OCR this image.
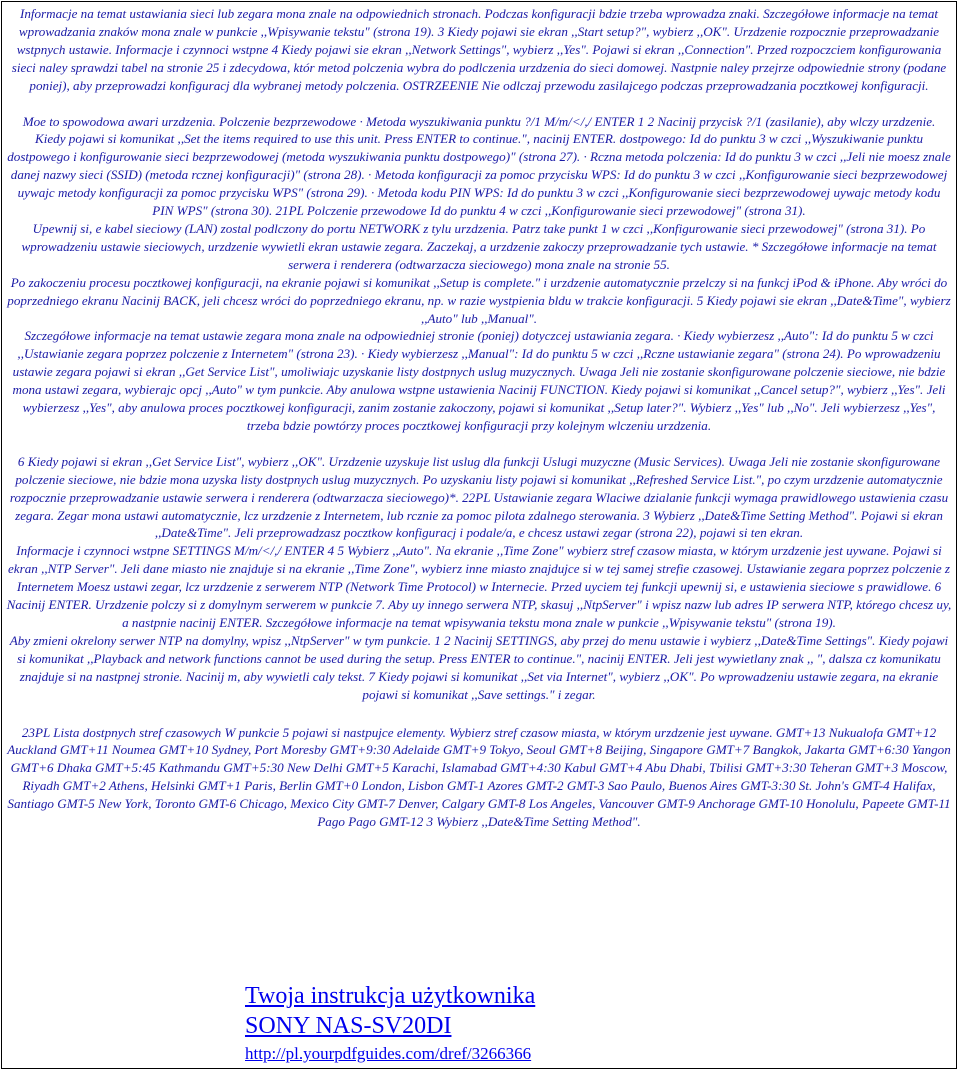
Informacje na temat ustawiania sieci lub zegara mona znale na odpowiednich stronach. Podczas konfiguracji bdzie trzeba wprowadza znaki. Szczegółowe informacje na temat wprowadzania znaków mona znale w punkcie ,,Wpisywanie tekstu" (strona 19). 3 Kiedy pojawi sie ekran ,,Start setup?", wybierz ,,OK". Urzdzenie rozpocznie przeprowadzanie wstpnych ustawie. Informacje i czynnoci wstpne 4 Kiedy pojawi sie ekran ,,Network Settings", wybierz ,,Yes". Pojawi si ekran ,,Connection". Przed rozpoczciem konfigurowania sieci naley sprawdzi tabel na stronie 25 i zdecydowa, któr metod polczenia wybra do podlczenia urzdzenia do sieci domowej. Nastpnie naley przejrze odpowiednie strony (podane poniej), aby przeprowadzi konfiguracj dla wybranej metody polczenia. OSTRZEENIE Nie odlczaj przewodu zasilajcego podczas przeprowadzania pocztkowej konfiguracji.

Moe to spowodowa awari urzdzenia. Polczenie bezprzewodowe · Metoda wyszukiwania punktu ?/1 M/m/</,/ ENTER 1 2 Nacinij przycisk ?/1 (zasilanie), aby wlczy urzdzenie. Kiedy pojawi si komunikat ,,Set the items required to use this unit. Press ENTER to continue.", nacinij ENTER. dostpowego: Id do punktu 3 w czci ,,Wyszukiwanie punktu dostpowego i konfigurowanie sieci bezprzewodowej (metoda wyszukiwania punktu dostpowego)" (strona 27). · Rczna metoda polczenia: Id do punktu 3 w czci ,,Jeli nie moesz znale danej nazwy sieci (SSID) (metoda rcznej konfiguracji)" (strona 28). · Metoda konfiguracji za pomoc przycisku WPS: Id do punktu 3 w czci ,,Konfigurowanie sieci bezprzewodowej uywajc metody konfiguracji za pomoc przycisku WPS" (strona 29). · Metoda kodu PIN WPS: Id do punktu 3 w czci ,,Konfigurowanie sieci bezprzewodowej uywajc metody kodu PIN WPS" (strona 30). 21PL Polczenie przewodowe Id do punktu 4 w czci ,,Konfigurowanie sieci przewodowej" (strona 31).

Upewnij si, e kabel sieciowy (LAN) zostal podlczony do portu NETWORK z tylu urzdzenia. Patrz take punkt 1 w czci ,,Konfigurowanie sieci przewodowej" (strona 31). Po wprowadzeniu ustawie sieciowych, urzdzenie wywietli ekran ustawie zegara. Zaczekaj, a urzdzenie zakoczy przeprowadzanie tych ustawie. * Szczegółowe informacje na temat serwera i renderera (odtwarzacza sieciowego) mona znale na stronie 55.

Po zakoczeniu procesu pocztkowej konfiguracji, na ekranie pojawi si komunikat ,,Setup is complete." i urzdzenie automatycznie przelczy si na funkcj iPod & iPhone. Aby wróci do poprzedniego ekranu Nacinij BACK, jeli chcesz wróci do poprzedniego ekranu, np. w razie wystpienia bldu w trakcie konfiguracji. 5 Kiedy pojawi sie ekran ,,Date&Time", wybierz ,,Auto" lub ,,Manual".

Szczegółowe informacje na temat ustawie zegara mona znale na odpowiedniej stronie (poniej) dotyczcej ustawiania zegara. · Kiedy wybierzesz ,,Auto": Id do punktu 5 w czci ,,Ustawianie zegara poprzez polczenie z Internetem" (strona 23). · Kiedy wybierzesz ,,Manual": Id do punktu 5 w czci ,,Rczne ustawianie zegara" (strona 24). Po wprowadzeniu ustawie zegara pojawi si ekran ,,Get Service List", umoliwiajc uzyskanie listy dostpnych uslug muzycznych. Uwaga Jeli nie zostanie skonfigurowane polczenie sieciowe, nie bdzie mona ustawi zegara, wybierajc opcj ,,Auto" w tym punkcie. Aby anulowa wstpne ustawienia Nacinij FUNCTION. Kiedy pojawi si komunikat ,,Cancel setup?", wybierz ,,Yes". Jeli wybierzesz ,,Yes", aby anulowa proces pocztkowej konfiguracji, zanim zostanie zakoczony, pojawi si komunikat ,,Setup later?". Wybierz ,,Yes" lub ,,No". Jeli wybierzesz ,,Yes", trzeba bdzie powtórzy proces pocztkowej konfiguracji przy kolejnym wlczeniu urzdzenia.

6 Kiedy pojawi si ekran ,,Get Service List", wybierz ,,OK". Urzdzenie uzyskuje list uslug dla funkcji Uslugi muzyczne (Music Services). Uwaga Jeli nie zostanie skonfigurowane polczenie sieciowe, nie bdzie mona uzyska listy dostpnych uslug muzycznych. Po uzyskaniu listy pojawi si komunikat ,,Refreshed Service List.", po czym urzdzenie automatycznie rozpocznie przeprowadzanie ustawie serwera i renderera (odtwarzacza sieciowego)*. 22PL Ustawianie zegara Wlaciwe dzialanie funkcji wymaga prawidlowego ustawienia czasu zegara. Zegar mona ustawi automatycznie, lcz urzdzenie z Internetem, lub rcznie za pomoc pilota zdalnego sterowania. 3 Wybierz ,,Date&Time Setting Method". Pojawi si ekran ,,Date&Time". Jeli przeprowadzasz pocztkow konfiguracj i podale/a, e chcesz ustawi zegar (strona 22), pojawi si ten ekran.

Informacje i czynnoci wstpne SETTINGS M/m/</,/ ENTER 4 5 Wybierz ,,Auto". Na ekranie ,,Time Zone" wybierz stref czasow miasta, w którym urzdzenie jest uywane. Pojawi si ekran ,,NTP Server". Jeli dane miasto nie znajduje si na ekranie ,,Time Zone", wybierz inne miasto znajdujce si w tej samej strefie czasowej. Ustawianie zegara poprzez polczenie z Internetem Moesz ustawi zegar, lcz urzdzenie z serwerem NTP (Network Time Protocol) w Internecie. Przed uyciem tej funkcji upewnij si, e ustawienia sieciowe s prawidlowe. 6 Nacinij ENTER. Urzdzenie polczy si z domylnym serwerem w punkcie 7. Aby uy innego serwera NTP, skasuj ,,NtpServer" i wpisz nazw lub adres IP serwera NTP, którego chcesz uy, a nastpnie nacinij ENTER. Szczegółowe informacje na temat wpisywania tekstu mona znale w punkcie ,,Wpisywanie tekstu" (strona 19).

Aby zmieni okrelony serwer NTP na domylny, wpisz ,,NtpServer" w tym punkcie. 1 2 Nacinij SETTINGS, aby przej do menu ustawie i wybierz ,,Date&Time Settings". Kiedy pojawi si komunikat ,,Playback and network functions cannot be used during the setup. Press ENTER to continue.", nacinij ENTER. Jeli jest wywietlany znak ,, ", dalsza cz komunikatu znajduje si na nastpnej stronie. Nacinij m, aby wywietli caly tekst. 7 Kiedy pojawi si komunikat ,,Set via Internet", wybierz ,,OK". Po wprowadzeniu ustawie zegara, na ekranie pojawi si komunikat ,,Save settings." i zegar.

23PL Lista dostpnych stref czasowych W punkcie 5 pojawi si nastpujce elementy. Wybierz stref czasow miasta, w którym urzdzenie jest uywane. GMT+13 Nukualofa GMT+12 Auckland GMT+11 Noumea GMT+10 Sydney, Port Moresby GMT+9:30 Adelaide GMT+9 Tokyo, Seoul GMT+8 Beijing, Singapore GMT+7 Bangkok, Jakarta GMT+6:30 Yangon GMT+6 Dhaka GMT+5:45 Kathmandu GMT+5:30 New Delhi GMT+5 Karachi, Islamabad GMT+4:30 Kabul GMT+4 Abu Dhabi, Tbilisi GMT+3:30 Teheran GMT+3 Moscow, Riyadh GMT+2 Athens, Helsinki GMT+1 Paris, Berlin GMT+0 London, Lisbon GMT-1 Azores GMT-2 GMT-3 Sao Paulo, Buenos Aires GMT-3:30 St. John's GMT-4 Halifax, Santiago GMT-5 New York, Toronto GMT-6 Chicago, Mexico City GMT-7 Denver, Calgary GMT-8 Los Angeles, Vancouver GMT-9 Anchorage GMT-10 Honolulu, Papeete GMT-11 Pago Pago GMT-12 3 Wybierz ,,Date&Time Setting Method".

Twoja instrukcja użytkownika
SONY NAS-SV20DI
http://pl.yourpdfguides.com/dref/3266366
